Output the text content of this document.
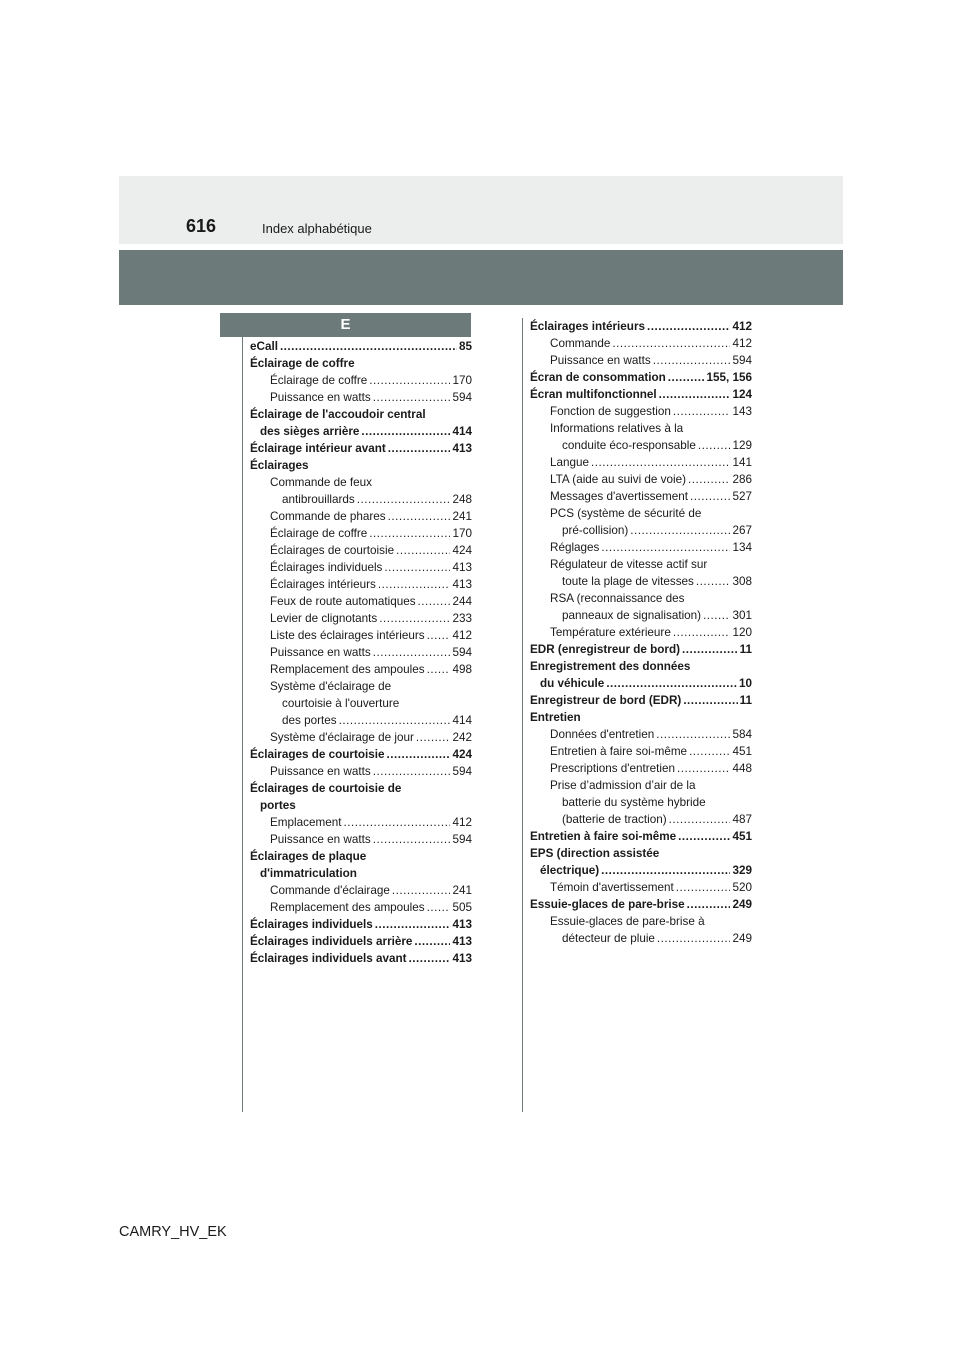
616	Index alphabétique
E
eCall .....	85
Éclairage de coffre
Éclairage de coffre .....	170
Puissance en watts .....	594
Éclairage de l'accoudoir central
des sièges arrière .....	414
Éclairage intérieur avant .....	413
Éclairages
Commande de feux
antibrouillards .....	248
Commande de phares .....	241
Éclairage de coffre .....	170
Éclairages de courtoisie .....	424
Éclairages individuels .....	413
Éclairages intérieurs .....	413
Feux de route automatiques .....	244
Levier de clignotants .....	233
Liste des éclairages intérieurs ..... 412
Puissance en watts .....	594
Remplacement des ampoules ..... 498
Système d'éclairage de
courtoisie à l'ouverture
des portes .....	414
Système d'éclairage de jour .....	242
Éclairages de courtoisie .....	424
Puissance en watts .....	594
Éclairages de courtoisie de
portes
Emplacement .....	412
Puissance en watts .....	594
Éclairages de plaque
d'immatriculation
Commande d'éclairage .....	241
Remplacement des ampoules ..... 505
Éclairages individuels .....	413
Éclairages individuels arrière .....	413
Éclairages individuels avant .....	413
Éclairages intérieurs .....	412
Commande .....	412
Puissance en watts .....	594
Écran de consommation .....	155, 156
Écran multifonctionnel .....	124
Fonction de suggestion .....	143
Informations relatives à la
conduite éco-responsable .....	129
Langue .....	141
LTA (aide au suivi de voie) .....	286
Messages d'avertissement .....	527
PCS (système de sécurité de
pré-collision) .....	267
Réglages .....	134
Régulateur de vitesse actif sur
toute la plage de vitesses .....	308
RSA (reconnaissance des
panneaux de signalisation) .....	301
Température extérieure .....	120
EDR (enregistreur de bord) .....	11
Enregistrement des données
du véhicule .....	10
Enregistreur de bord (EDR) .....	11
Entretien
Données d'entretien .....	584
Entretien à faire soi-même .....	451
Prescriptions d'entretien .....	448
Prise d’admission d’air de la
batterie du système hybride
(batterie de traction) .....	487
Entretien à faire soi-même .....	451
EPS (direction assistée
électrique) .....	329
Témoin d'avertissement .....	520
Essuie-glaces de pare-brise .....	249
Essuie-glaces de pare-brise à
détecteur de pluie .....	249
CAMRY_HV_EK
